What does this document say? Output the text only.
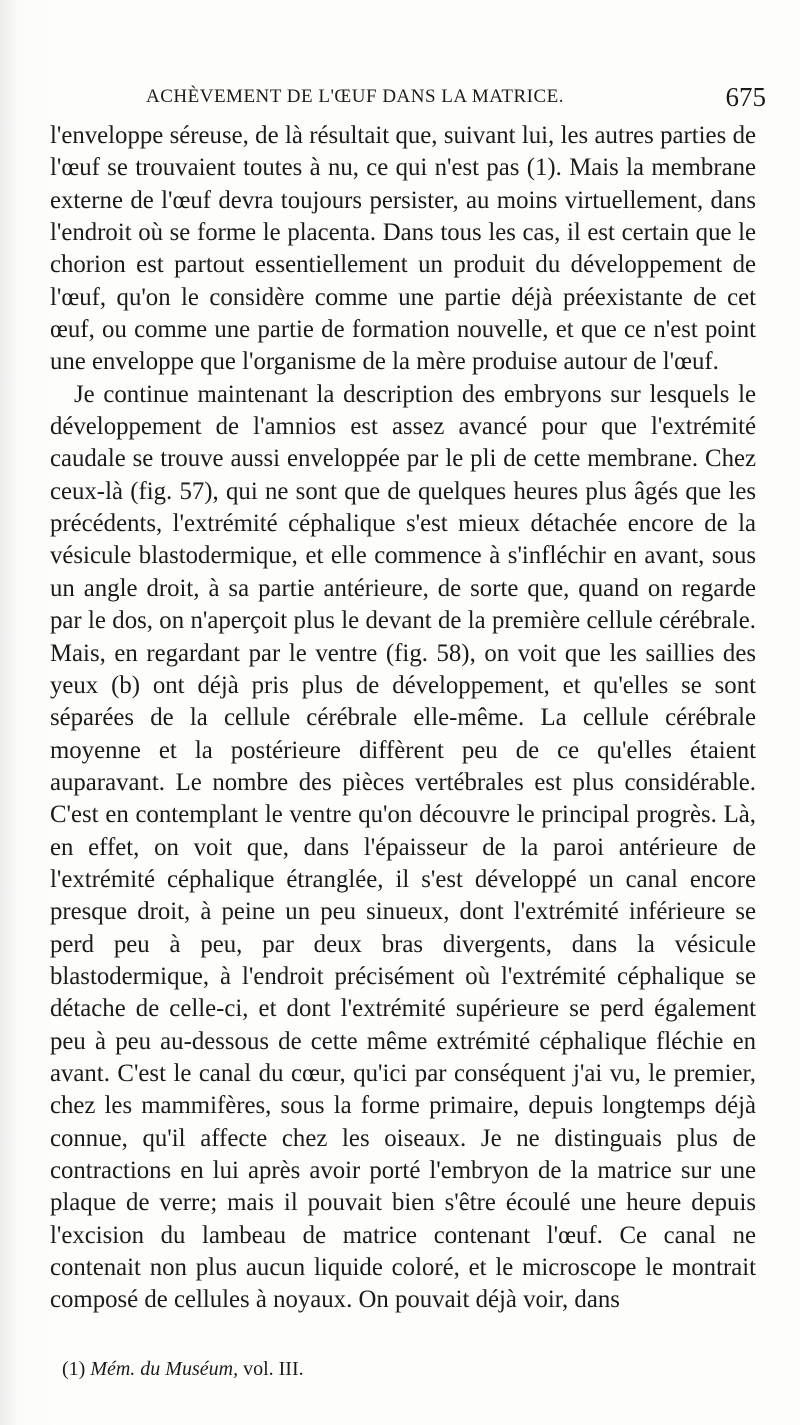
ACHÈVEMENT DE L'ŒUF DANS LA MATRICE.	675

l'enveloppe séreuse, de là résultait que, suivant lui, les autres parties de l'œuf se trouvaient toutes à nu, ce qui n'est pas (1). Mais la membrane externe de l'œuf devra toujours persister, au moins virtuellement, dans l'endroit où se forme le placenta. Dans tous les cas, il est certain que le chorion est partout essentiellement un produit du développement de l'œuf, qu'on le considère comme une partie déjà préexistante de cet œuf, ou comme une partie de formation nouvelle, et que ce n'est point une enveloppe que l'organisme de la mère produise autour de l'œuf.

Je continue maintenant la description des embryons sur lesquels le développement de l'amnios est assez avancé pour que l'extrémité caudale se trouve aussi enveloppée par le pli de cette membrane. Chez ceux-là (fig. 57), qui ne sont que de quelques heures plus âgés que les précédents, l'extrémité céphalique s'est mieux détachée encore de la vésicule blastodermique, et elle commence à s'infléchir en avant, sous un angle droit, à sa partie antérieure, de sorte que, quand on regarde par le dos, on n'aperçoit plus le devant de la première cellule cérébrale. Mais, en regardant par le ventre (fig. 58), on voit que les saillies des yeux (b) ont déjà pris plus de développement, et qu'elles se sont séparées de la cellule cérébrale elle-même. La cellule cérébrale moyenne et la postérieure diffèrent peu de ce qu'elles étaient auparavant. Le nombre des pièces vertébrales est plus considérable. C'est en contemplant le ventre qu'on découvre le principal progrès. Là, en effet, on voit que, dans l'épaisseur de la paroi antérieure de l'extrémité céphalique étranglée, il s'est développé un canal encore presque droit, à peine un peu sinueux, dont l'extrémité inférieure se perd peu à peu, par deux bras divergents, dans la vésicule blastodermique, à l'endroit précisément où l'extrémité céphalique se détache de celle-ci, et dont l'extrémité supérieure se perd également peu à peu au-dessous de cette même extrémité céphalique fléchie en avant. C'est le canal du cœur, qu'ici par conséquent j'ai vu, le premier, chez les mammifères, sous la forme primaire, depuis longtemps déjà connue, qu'il affecte chez les oiseaux. Je ne distinguais plus de contractions en lui après avoir porté l'embryon de la matrice sur une plaque de verre; mais il pouvait bien s'être écoulé une heure depuis l'excision du lambeau de matrice contenant l'œuf. Ce canal ne contenait non plus aucun liquide coloré, et le microscope le montrait composé de cellules à noyaux. On pouvait déjà voir, dans

(1) Mém. du Muséum, vol. III.
